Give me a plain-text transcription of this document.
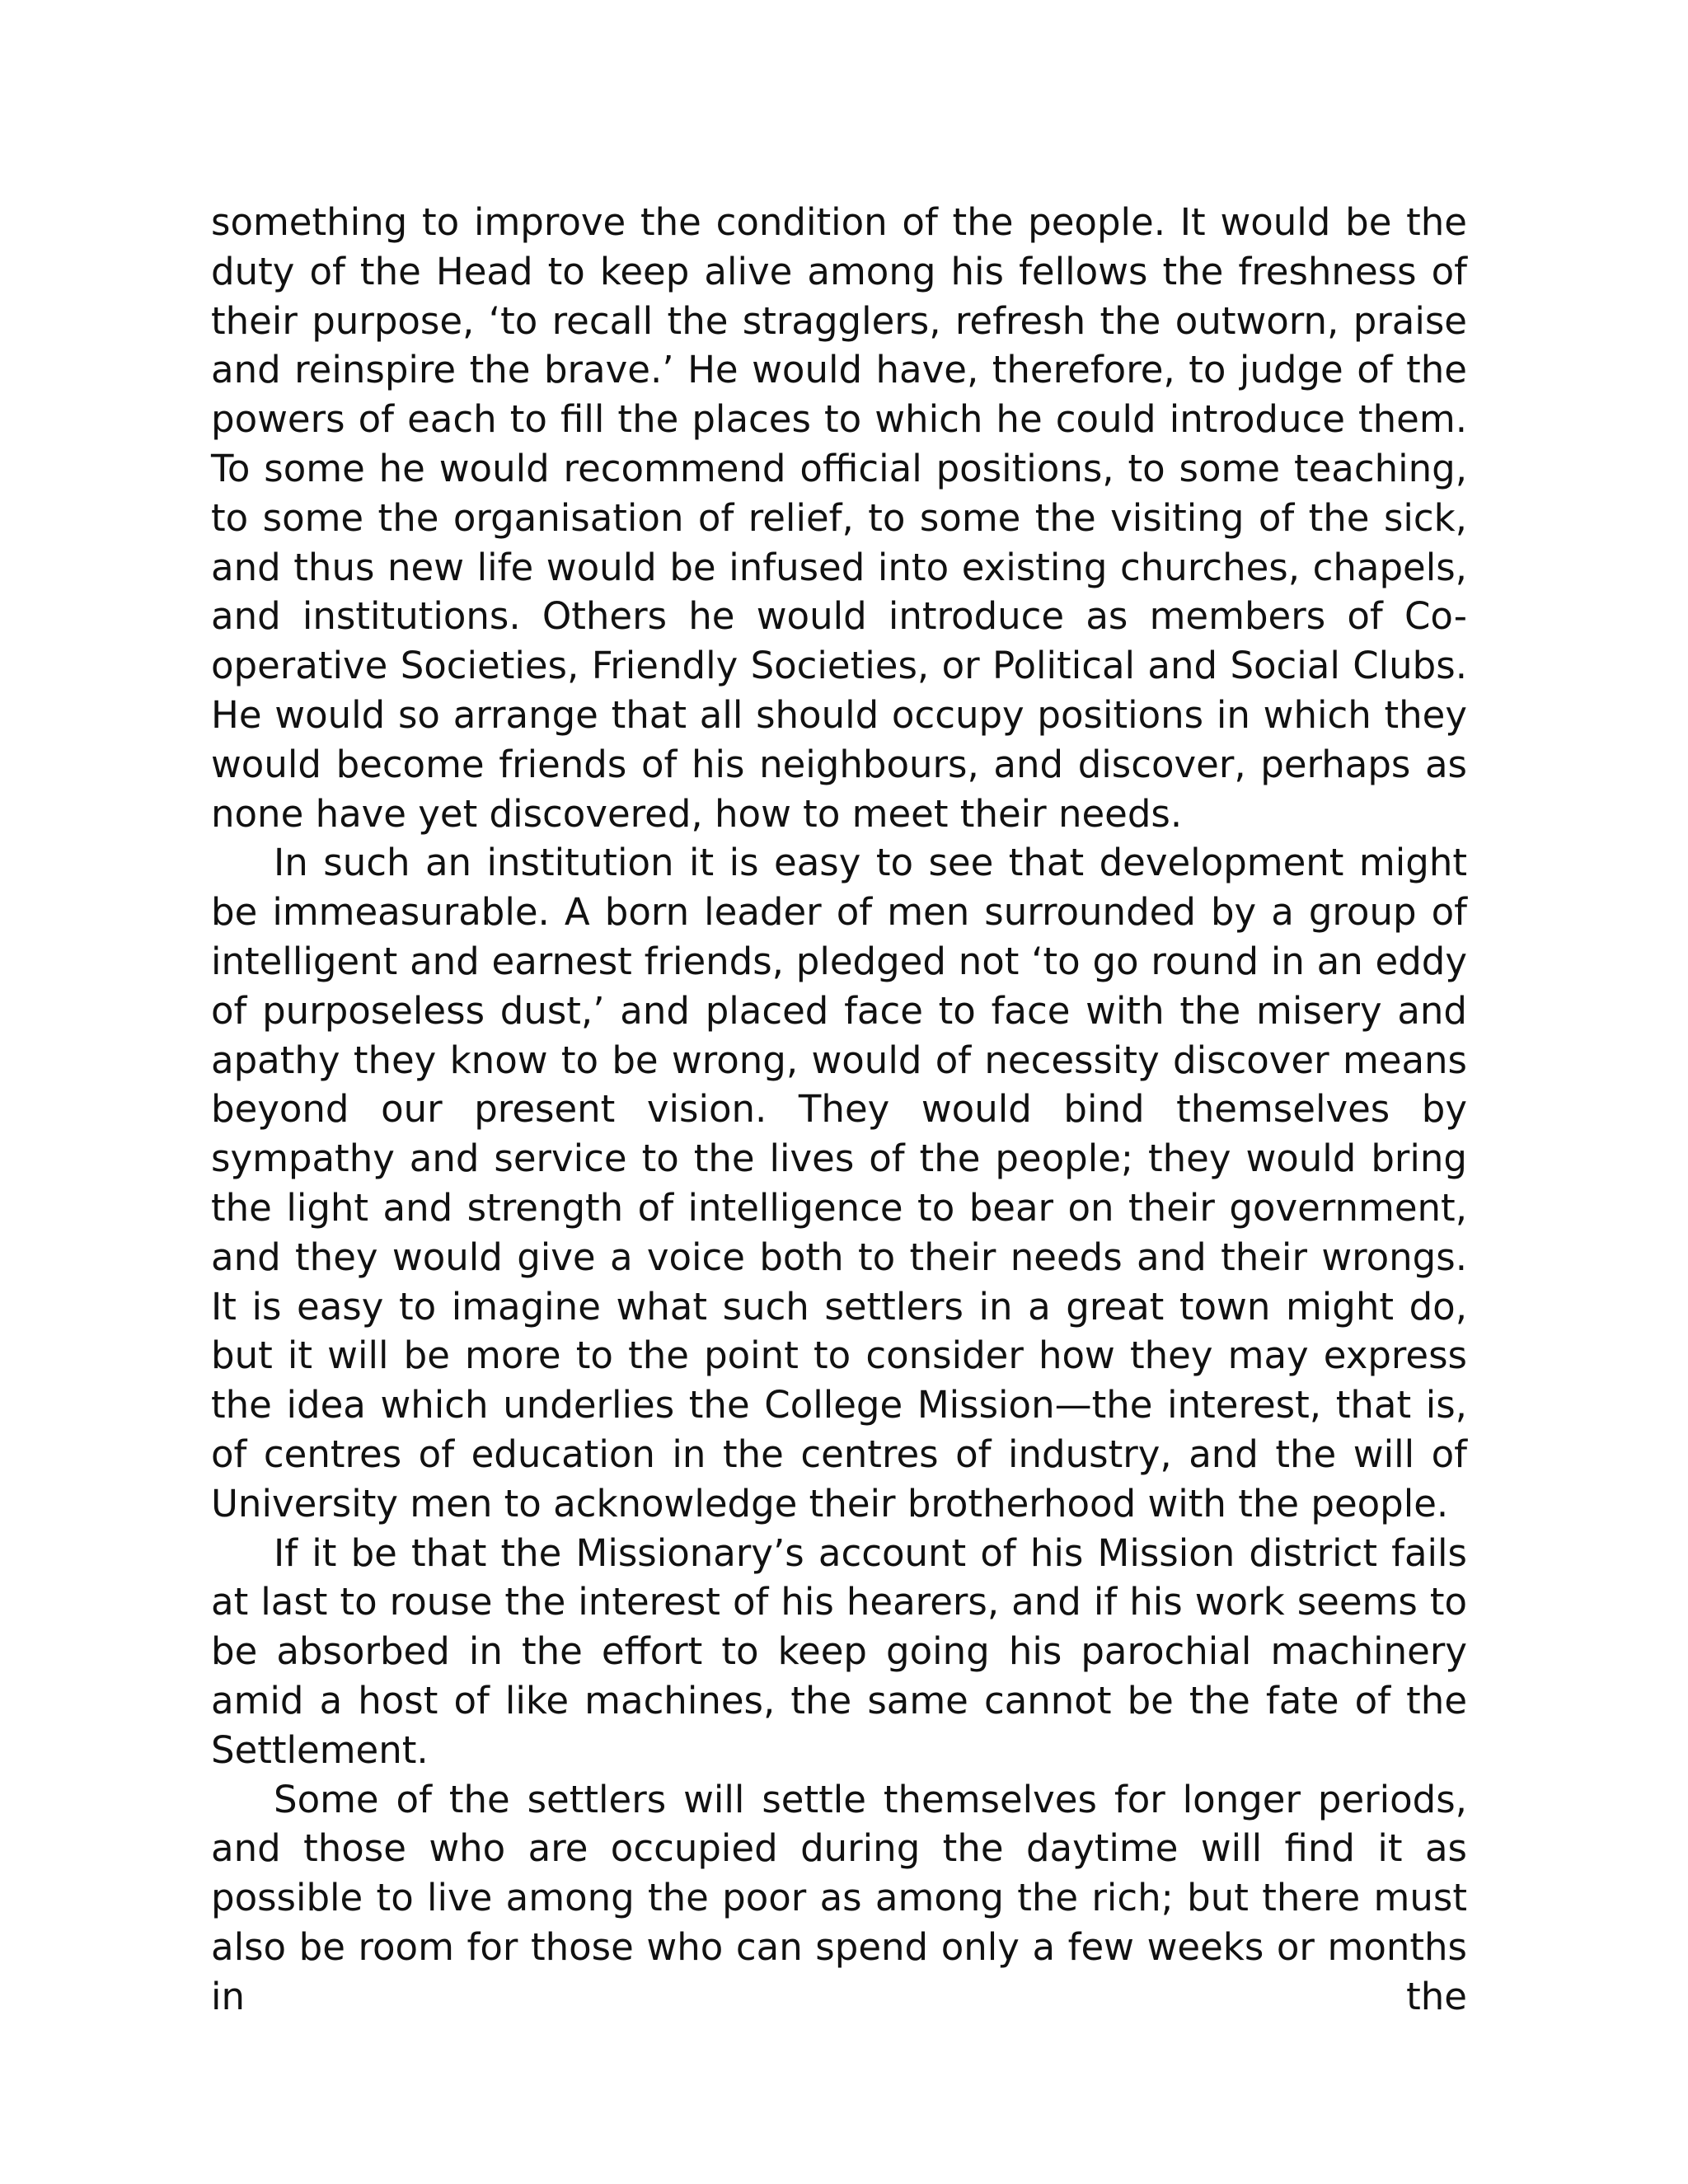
something to improve the condition of the people. It would be the duty of the Head to keep alive among his fellows the freshness of their purpose, ‘to recall the stragglers, refresh the outworn, praise and reinspire the brave.’ He would have, therefore, to judge of the powers of each to fill the places to which he could introduce them. To some he would recommend official positions, to some teaching, to some the organisation of relief, to some the visiting of the sick, and thus new life would be infused into existing churches, chapels, and institutions. Others he would introduce as members of Co-operative Societies, Friendly Societies, or Political and Social Clubs. He would so arrange that all should occupy positions in which they would become friends of his neighbours, and discover, perhaps as none have yet discovered, how to meet their needs.

In such an institution it is easy to see that development might be immeasurable. A born leader of men surrounded by a group of intelligent and earnest friends, pledged not ‘to go round in an eddy of purposeless dust,’ and placed face to face with the misery and apathy they know to be wrong, would of necessity discover means beyond our present vision. They would bind themselves by sympathy and service to the lives of the people; they would bring the light and strength of intelligence to bear on their government, and they would give a voice both to their needs and their wrongs. It is easy to imagine what such settlers in a great town might do, but it will be more to the point to consider how they may express the idea which underlies the College Mission—the interest, that is, of centres of education in the centres of industry, and the will of University men to acknowledge their brotherhood with the people.

If it be that the Missionary’s account of his Mission district fails at last to rouse the interest of his hearers, and if his work seems to be absorbed in the effort to keep going his parochial machinery amid a host of like machines, the same cannot be the fate of the Settlement.

Some of the settlers will settle themselves for longer periods, and those who are occupied during the daytime will find it as possible to live among the poor as among the rich; but there must also be room for those who can spend only a few weeks or months in the
